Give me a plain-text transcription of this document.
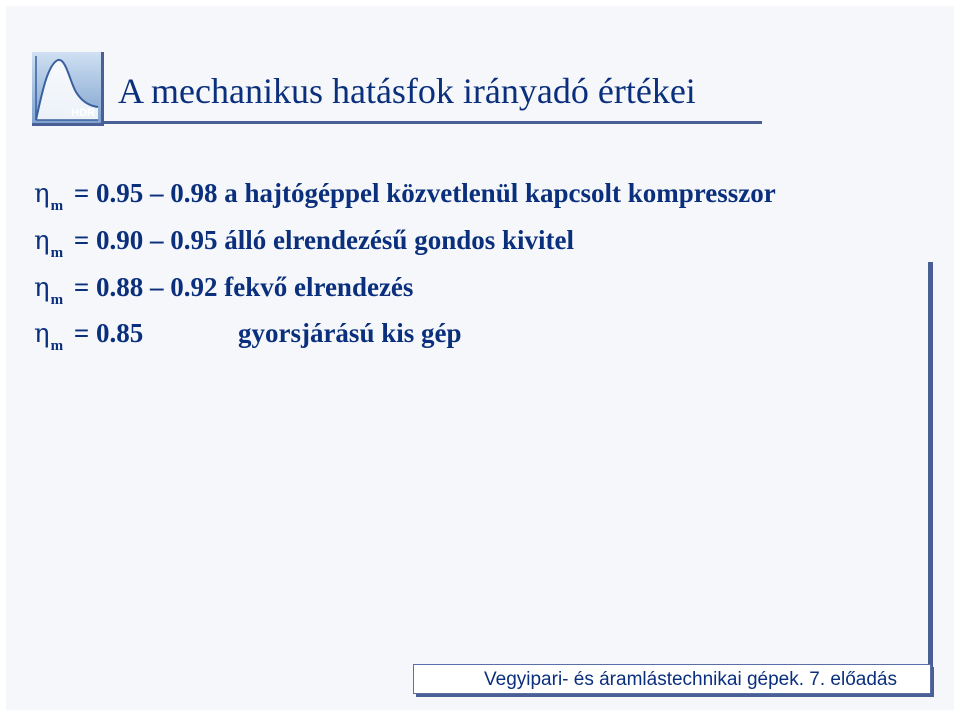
HDR
A mechanikus hatásfok irányadó értékei
$\eta_m = 0.95 - 0.98$ a hajtógéppel közvetlenül kapcsolt kompresszor
$\eta_m = 0.90 - 0.95$ álló elrendezésű gondos kivitel
$\eta_m = 0.88 - 0.92$ fekvő elrendezés
$\eta_m = 0.85$	gyorsjárású kis gép
Vegyipari- és áramlástechnikai gépek. 7. előadás
